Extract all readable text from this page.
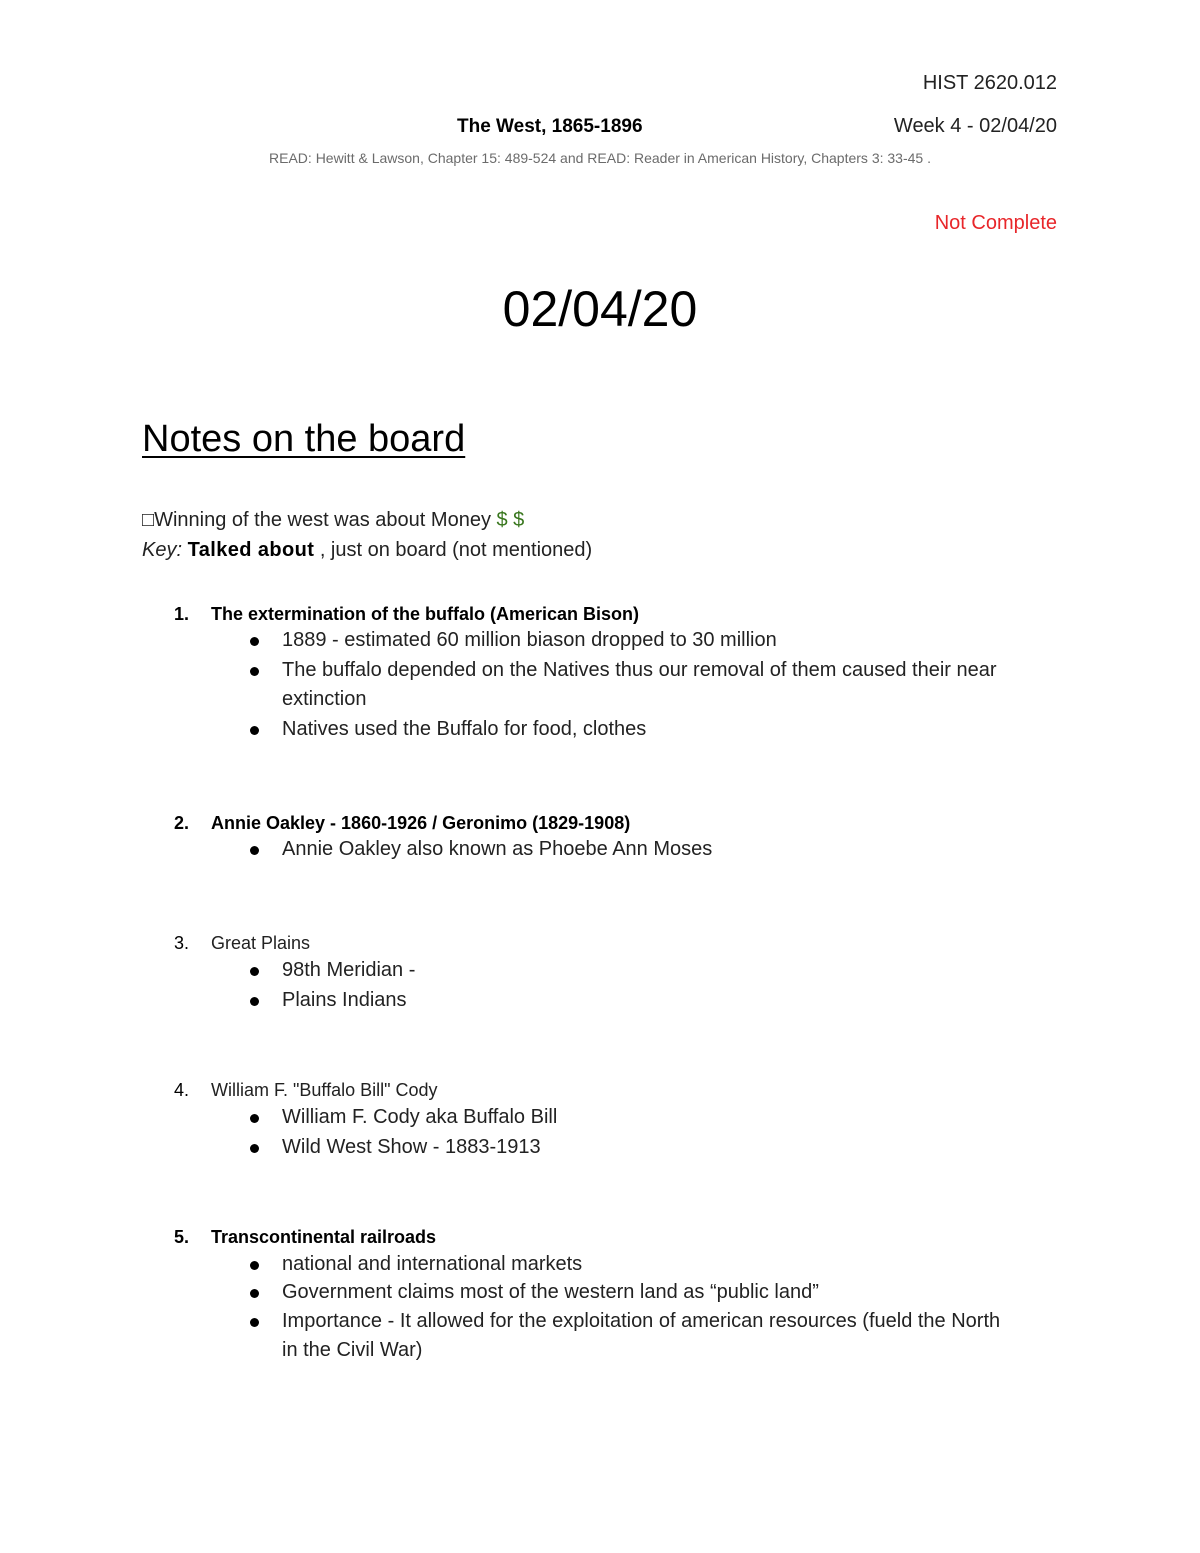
HIST 2620.012
The West, 1865-1896	Week 4 - 02/04/20
READ: Hewitt & Lawson, Chapter 15: 489-524 and READ: Reader in American History, Chapters 3: 33-45 .
Not Complete
02/04/20
Notes on the board
□Winning of the west was about Money $ $
Key: Talked about , just on board (not mentioned)
1.	The extermination of the buffalo (American Bison)
1889 - estimated 60 million biason dropped to 30 million
The buffalo depended on the Natives thus our removal of them caused their near
extinction
Natives used the Buffalo for food, clothes
2.	Annie Oakley - 1860-1926 / Geronimo (1829-1908)
Annie Oakley also known as Phoebe Ann Moses
3.	Great Plains
98th Meridian -
Plains Indians
4.	William F. "Buffalo Bill" Cody
William F. Cody aka Buffalo Bill
Wild West Show - 1883-1913
5.	Transcontinental railroads
national and international markets
Government claims most of the western land as “public land”
Importance - It allowed for the exploitation of american resources (fueld the North
in the Civil War)
